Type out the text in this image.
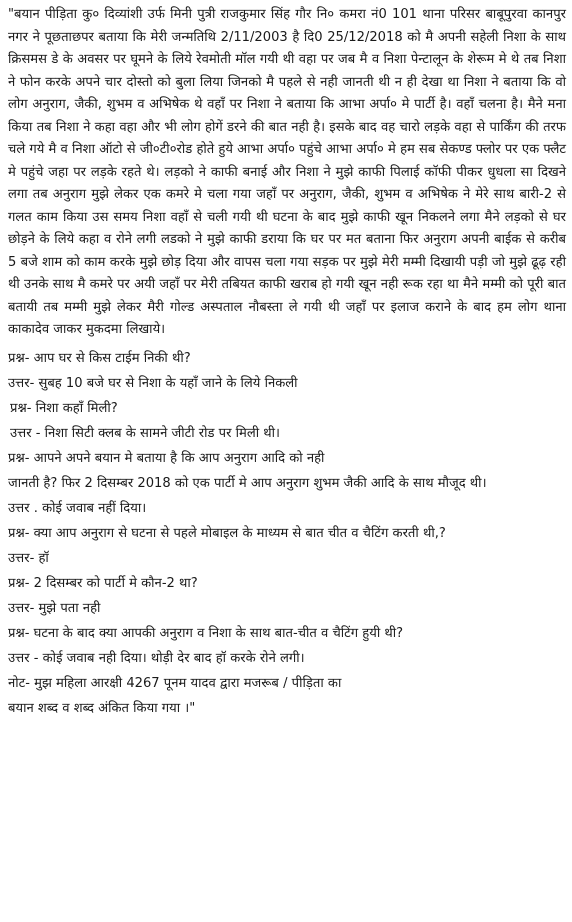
"बयान पीड़िता कु० दिव्यांशी उर्फ मिनी पुत्री राजकुमार सिंह गौर नि० कमरा नं0 101 थाना परिसर बाबूपुरवा कानपुर नगर ने पूछताछपर बताया कि मेरी जन्मतिथि 2/11/2003 है दि0 25/12/2018 को मै अपनी सहेली निशा के साथ क्रिसमस डे के अवसर पर घूमने के लिये रेवमोती मॉल गयी थी वहा पर जब मै व निशा पेन्टालून के शेरूम मे थे तब निशा ने फोन करके अपने चार दोस्तो को बुला लिया जिनको मै पहले से नही जानती थी न ही देखा था निशा ने बताया कि वो लोग अनुराग, जैकी, शुभम व अभिषेक थे वहाँ पर निशा ने बताया कि आभा अर्पा० मे पार्टी है। वहाँ चलना है। मैने मना किया तब निशा ने कहा वहा और भी लोग होगें डरने की बात नही है। इसके बाद वह चारो लड़के वहा से पार्किंग की तरफ चले गये मै व निशा ऑटो से जी०टी०रोड होते हुये आभा अर्पा० पहुंचे आभा अर्पा० मे हम सब सेकण्ड फ्लोर पर एक फ्लैट मे पहुंचे जहा पर लड़के रहते थे। लड़को ने काफी बनाई और निशा ने मुझे काफी पिलाई कॉफी पीकर धुधला सा दिखने लगा तब अनुराग मुझे लेकर एक कमरे मे चला गया जहाँ पर अनुराग, जैकी, शुभम व अभिषेक ने मेरे साथ बारी-2 से गलत काम किया उस समय निशा वहाँ से चली गयी थी घटना के बाद मुझे काफी खून निकलने लगा मैने लड़को से घर छोड़ने के लिये कहा व रोने लगी लडको ने मुझे काफी डराया कि घर पर मत बताना फिर अनुराग अपनी बाईक से करीब 5 बजे शाम को काम करके मुझे छोड़ दिया और वापस चला गया सड़क पर मुझे मेरी मम्मी दिखायी पड़ी जो मुझे ढूढ़ रही थी उनके साथ मै कमरे पर अयी जहाँ पर मेरी तबियत काफी खराब हो गयी खून नही रूक रहा था मैने मम्मी को पूरी बात बतायी तब मम्मी मुझे लेकर मैरी गोल्ड अस्पताल नौबस्ता ले गयी थी जहाँ पर इलाज कराने के बाद हम लोग थाना काकादेव जाकर मुकदमा लिखाये।

प्रश्न- आप घर से किस टाईम निकी थी?

उत्तर- सुबह 10 बजे घर से निशा के यहाँ जाने के लिये निकली

प्रश्न- निशा कहाँ मिली?

उत्तर - निशा सिटी क्लब के सामने जीटी रोड पर मिली थी।

प्रश्न- आपने अपने बयान मे बताया है कि आप अनुराग आदि को नही

जानती है? फिर 2 दिसम्बर 2018 को एक पार्टी मे आप अनुराग शुभम जैकी आदि के साथ मौजूद थी।

उत्तर . कोई जवाब नहीं दिया।

प्रश्न- क्या आप अनुराग से घटना से पहले मोबाइल के माध्यम से बात चीत व चैटिंग करती थी,?

उत्तर- हॉ

प्रश्न- 2 दिसम्बर को पार्टी मे कौन-2 था?

उत्तर- मुझे पता नही

प्रश्न- घटना के बाद क्या आपकी अनुराग व निशा के साथ बात-चीत व चैटिंग हुयी थी?

उत्तर - कोई जवाब नही दिया। थोड़ी देर बाद हॉ करके रोने लगी।

नोट- मुझ महिला आरक्षी 4267 पूनम यादव द्वारा मजरूब / पीड़िता का

बयान शब्द व शब्द अंकित किया गया ।"
